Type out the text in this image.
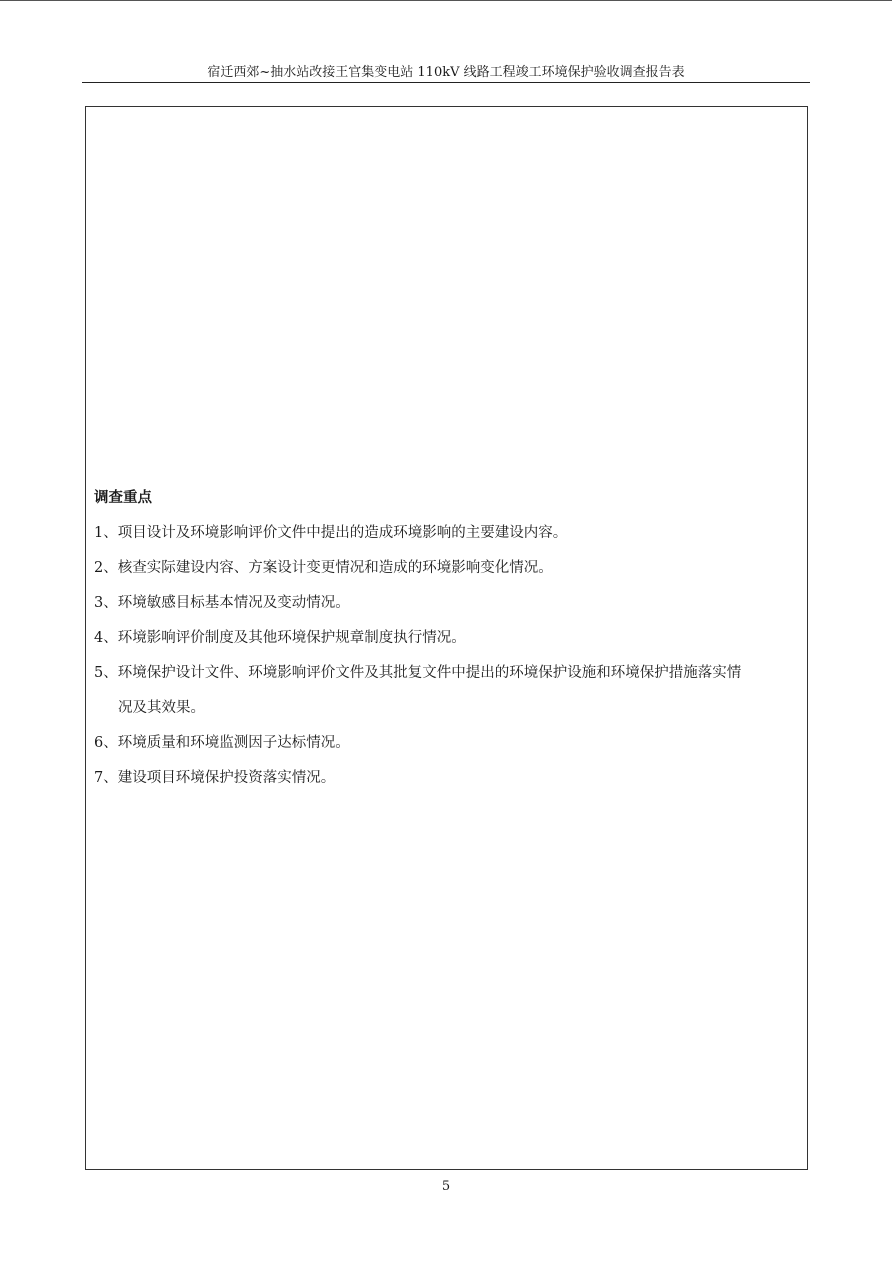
宿迁西郊~抽水站改接王官集变电站 110kV 线路工程竣工环境保护验收调查报告表
调查重点
1、项目设计及环境影响评价文件中提出的造成环境影响的主要建设内容。
2、核查实际建设内容、方案设计变更情况和造成的环境影响变化情况。
3、环境敏感目标基本情况及变动情况。
4、环境影响评价制度及其他环境保护规章制度执行情况。
5、环境保护设计文件、环境影响评价文件及其批复文件中提出的环境保护设施和环境保护措施落实情
况及其效果。
6、环境质量和环境监测因子达标情况。
7、建设项目环境保护投资落实情况。
5
